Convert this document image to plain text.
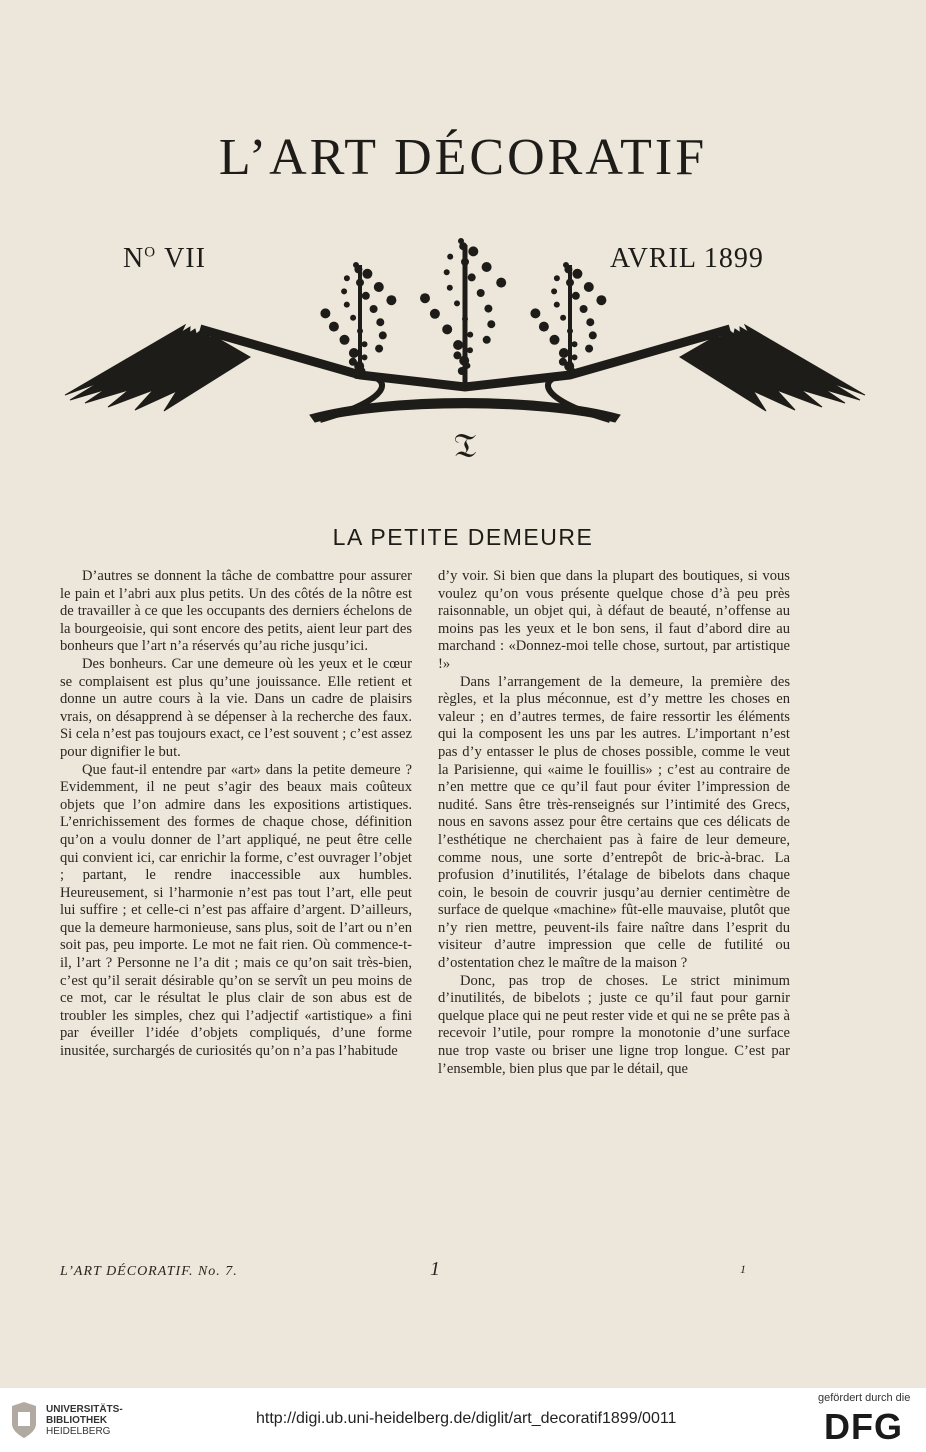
L’ART DÉCORATIF
$N^O$ VII	AVRIL 1899
𝔗
LA PETITE DEMEURE

D’autres se donnent la tâche de combattre pour assurer le pain et l’abri aux plus petits. Un des côtés de la nôtre est de travailler à ce que les occupants des derniers échelons de la bourgeoisie, qui sont encore des petits, aient leur part des bonheurs que l’art n’a réservés qu’au riche jusqu’ici.

Des bonheurs. Car une demeure où les yeux et le cœur se complaisent est plus qu’une jouissance. Elle retient et donne un autre cours à la vie. Dans un cadre de plaisirs vrais, on désapprend à se dépenser à la recherche des faux. Si cela n’est pas toujours exact, ce l’est souvent ; c’est assez pour dignifier le but.

Que faut-il entendre par «art» dans la petite demeure ? Evidemment, il ne peut s’agir des beaux mais coûteux objets que l’on admire dans les expositions artistiques. L’enrichissement des formes de chaque chose, définition qu’on a voulu donner de l’art appliqué, ne peut être celle qui convient ici, car enrichir la forme, c’est ouvrager l’objet ; partant, le rendre inaccessible aux humbles. Heureusement, si l’harmonie n’est pas tout l’art, elle peut lui suffire ; et celle-ci n’est pas affaire d’argent. D’ailleurs, que la demeure harmonieuse, sans plus, soit de l’art ou n’en soit pas, peu importe. Le mot ne fait rien. Où commence-t-il, l’art ? Personne ne l’a dit ; mais ce qu’on sait très-bien, c’est qu’il serait désirable qu’on se servît un peu moins de ce mot, car le résultat le plus clair de son abus est de troubler les simples, chez qui l’adjectif «artistique» a fini par éveiller l’idée d’objets compliqués, d’une forme inusitée, surchargés de curiosités qu’on n’a pas l’habitude

d’y voir. Si bien que dans la plupart des boutiques, si vous voulez qu’on vous présente quelque chose d’à peu près raisonnable, un objet qui, à défaut de beauté, n’offense au moins pas les yeux et le bon sens, il faut d’abord dire au marchand : «Donnez-moi telle chose, surtout, par artistique !»

Dans l’arrangement de la demeure, la première des règles, et la plus méconnue, est d’y mettre les choses en valeur ; en d’autres termes, de faire ressortir les éléments qui la composent les uns par les autres. L’important n’est pas d’y entasser le plus de choses possible, comme le veut la Parisienne, qui «aime le fouillis» ; c’est au contraire de n’en mettre que ce qu’il faut pour éviter l’impression de nudité. Sans être très-renseignés sur l’intimité des Grecs, nous en savons assez pour être certains que ces délicats de l’esthétique ne cherchaient pas à faire de leur demeure, comme nous, une sorte d’entrepôt de bric-à-brac. La profusion d’inutilités, l’étalage de bibelots dans chaque coin, le besoin de couvrir jusqu’au dernier centimètre de surface de quelque «machine» fût-elle mauvaise, plutôt que n’y rien mettre, peuvent-ils faire naître dans l’esprit du visiteur d’autre impression que celle de futilité ou d’ostentation chez le maître de la maison ?

Donc, pas trop de choses. Le strict minimum d’inutilités, de bibelots ; juste ce qu’il faut pour garnir quelque place qui ne peut rester vide et qui ne se prête pas à recevoir l’utile, pour rompre la monotonie d’une surface nue trop vaste ou briser une ligne trop longue. C’est par l’ensemble, bien plus que par le détail, que

L’ART DÉCORATIF. No. 7.	1	1
UNIVERSITÄTS-
BIBLIOTHEK
HEIDELBERG
http://digi.ub.uni-heidelberg.de/diglit/art_decoratif1899/0011
gefördert durch die
DFG
